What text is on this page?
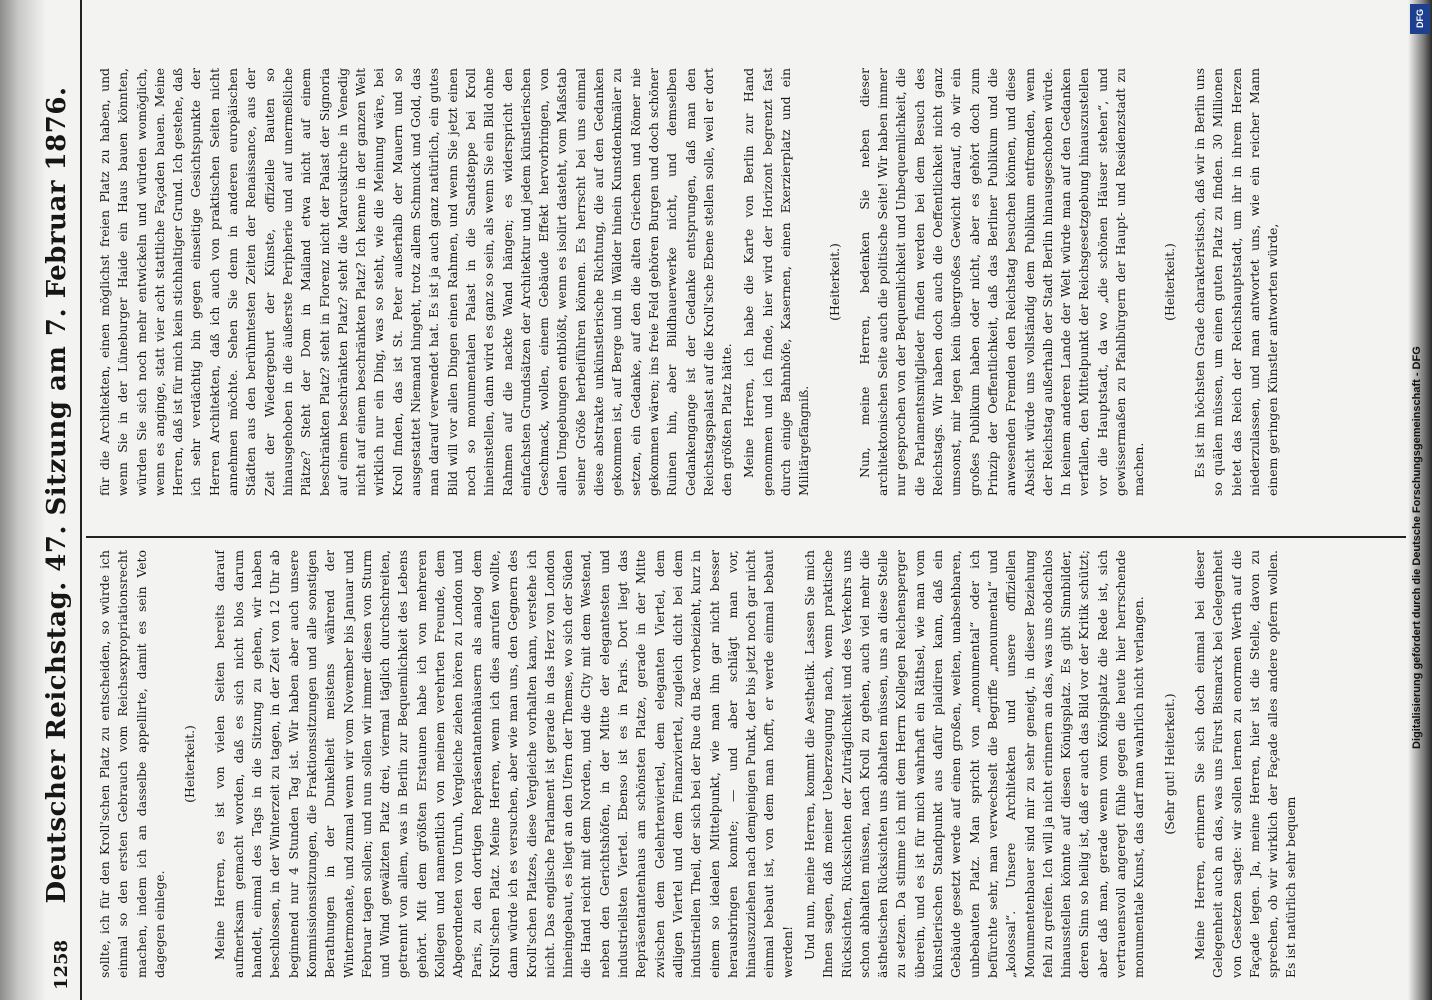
1258
Deutscher Reichstag. 47. Sitzung am 7. Februar 1876. sollte, ich für den Kroll'schen Platz zu entscheiden, so würde ich einmal so den ersten Gebrauch vom Reichsexpropriationsrecht machen, indem ich an dasselbe appellirte, damit es sein Veto dagegen einlege.

(Heiterkeit.) Meine Herren, es ist von vielen Seiten bereits darauf aufmerksam gemacht worden, daß es sich nicht blos darum handelt, einmal des Tags in die Sitzung zu gehen, wir haben beschlossen, in der Winterzeit zu tagen, in der Zeit von 12 Uhr ab beginnend nur 4 Stunden Tag ist. Wir haben aber auch unsere Kommissionssitzungen, die Fraktionssitzungen und alle sonstigen Berathungen in der Dunkelheit meistens während der Wintermonate, und zumal wenn wir vom November bis Januar und Februar tagen sollen; und nun sollen wir immer diesen von Sturm und Wind gewälzten Platz drei, viermal täglich durchschreiten, getrennt von allem, was in Berlin zur Bequemlichkeit des Lebens gehört. Mit dem größten Erstaunen habe ich von mehreren Kollegen und namentlich von meinem verehrten Freunde, dem Abgeordneten von Unruh, Vergleiche ziehen hören zu London und Paris, zu den dortigen Repräsentantenhäusern als analog dem Kroll'schen Platz. Meine Herren, wenn ich dies anrufen wollte, dann würde ich es versuchen, aber wie man uns, den Gegnern des Kroll'schen Platzes, diese Vergleiche vorhalten kann, verstehe ich nicht. Das englische Parlament ist gerade in das Herz von London hineingebaut, es liegt an den Ufern der Themse, wo sich der Süden die Hand reicht mit dem Norden, und die City mit dem Westend, neben den Gerichtshöfen, in der Mitte der elegantesten und industriellsten Viertel. Ebenso ist es in Paris. Dort liegt das Repräsentantenhaus am schönsten Platze, gerade in der Mitte zwischen dem Gelehrtenviertel, dem eleganten Viertel, dem adligen Viertel und dem Finanzviertel, zugleich dicht bei dem industriellen Theil, der sich bei der Rue du Bac vorbeizieht, kurz in einem so idealen Mittelpunkt, wie man ihn gar nicht besser herausbringen konnte; — und aber schlägt man vor, hinauszuziehen nach demjenigen Punkt, der bis jetzt noch gar nicht einmal bebaut ist, von dem man hofft, er werde einmal bebaut werden! Und nun, meine Herren, kommt die Aesthetik. Lassen Sie mich Ihnen sagen, daß meiner Ueberzeugung nach, wenn praktische Rücksichten, Rücksichten der Zuträglichkeit und des Verkehrs uns schon abhalten müssen, nach Kroll zu gehen, auch viel mehr die ästhetischen Rücksichten uns abhalten müssen, uns an diese Stelle zu setzen. Da stimme ich mit dem Herrn Kollegen Reichensperger überein, und es ist für mich wahrhaft ein Räthsel, wie man vom künstlerischen Standpunkt aus dafür plaidiren kann, daß ein Gebäude gesetzt werde auf einen großen, weiten, unabsehbaren, unbebauten Platz. Man spricht von „monumental“ oder ich befürchte sehr, man verwechselt die Begriffe „monumental“ und „kolossal“. Unsere Architekten und unsere offiziellen Monumentenbauer sind mir zu sehr geneigt, in dieser Beziehung fehl zu greifen. Ich will ja nicht erinnern an das, was uns obdachlos hinausstellen könnte auf diesen Königsplatz. Es gibt Sinnbilder, deren Sinn so heilig ist, daß er auch das Bild vor der Kritik schützt; aber daß man, gerade wenn vom Königsplatz die Rede ist, sich vertrauensvoll angeregt fühle gegen die heute hier herrschende monumentale Kunst, das darf man wahrlich nicht verlangen. (Sehr gut! Heiterkeit.) Meine Herren, erinnern Sie sich doch einmal bei dieser Gelegenheit auch an das, was uns Fürst Bismarck bei Gelegenheit von Gesetzen sagte: wir sollen lernen zu enormen Werth auf die Façade legen. Ja, meine Herren, hier ist die Stelle, davon zu sprechen, ob wir wirklich der Façade alles andere opfern wollen. Es ist natürlich sehr bequem

für die Architekten, einen möglichst freien Platz zu haben, und wenn Sie in der Lüneburger Haide ein Haus bauen könnten, würden Sie sich noch mehr entwickeln und würden womöglich, wenn es anginge, statt vier acht stattliche Façaden bauen. Meine Herren, daß ist für mich kein stichhaltiger Grund. Ich gestehe, daß ich sehr verdächtig bin gegen einseitige Gesichtspunkte der Herren Architekten, daß ich auch von praktischen Seiten nicht annehmen möchte. Sehen Sie denn in anderen europäischen Städten aus den berühmtesten Zeiten der Renaissance, aus der Zeit der Wiedergeburt der Künste, offizielle Bauten so hinausgehoben in die äußerste Peripherie und auf unermeßliche Plätze? Steht der Dom in Mailand etwa nicht auf einem beschränkten Platz? steht in Florenz nicht der Palast der Signoria auf einem beschränkten Platz? steht die Marcuskirche in Venedig nicht auf einem beschränkten Platz? Ich kenne in der ganzen Welt wirklich nur ein Ding, was so steht, wie die Meinung wäre, bei Kroll finden, das ist St. Peter außerhalb der Mauern und so ausgestattet Niemand hingeht, trotz allem Schmuck und Gold, das man darauf verwendet hat. Es ist ja auch ganz natürlich, ein gutes Bild will vor allen Dingen einen Rahmen, und wenn Sie jetzt einen noch so monumentalen Palast in die Sandsteppe bei Kroll hineinstellen, dann wird es ganz so sein, als wenn Sie ein Bild ohne Rahmen auf die nackte Wand hängen; es widerspricht den einfachsten Grundsätzen der Architektur und jedem künstlerischen Geschmack, wollen, einem Gebäude Effekt hervorbringen, von allen Umgebungen entblößt, wenn es isolirt dasteht, vom Maßstab seiner Größe herbeiführen können. Es herrscht bei uns einmal diese abstrakte unkünstlerische Richtung, die auf den Gedanken gekommen ist, auf Berge und in Wälder hinein Kunstdenkmäler zu setzen, ein Gedanke, auf den die alten Griechen und Römer nie gekommen wären; ins freie Feld gehören Burgen und doch schöner Ruinen hin, aber Bildhauerwerke nicht, und demselben Gedankengange ist der Gedanke entsprungen, daß man den Reichstagspalast auf die Kroll'sche Ebene stellen solle, weil er dort den größten Platz hätte. Meine Herren, ich habe die Karte von Berlin zur Hand genommen und ich finde, hier wird der Horizont begrenzt fast durch einige Bahnhöfe, Kasernen, einen Exerzierplatz und ein Militärgefängniß.

(Heiterkeit.) Nun, meine Herren, bedenken Sie neben dieser architektonischen Seite auch die politische Seite! Wir haben immer nur gesprochen von der Bequemlichkeit und Unbequemlichkeit, die die Parlamentsmitglieder finden werden bei dem Besuch des Reichstags. Wir haben doch auch die Oeffentlichkeit nicht ganz umsonst, mir legen kein übergroßes Gewicht darauf, ob wir ein großes Publikum haben oder nicht, aber es gehört doch zum Prinzip der Oeffentlichkeit, daß das Berliner Publikum und die anwesenden Fremden den Reichstag besuchen können, und diese Absicht würde uns vollständig dem Publikum entfremden, wenn der Reichstag außerhalb der Stadt Berlin hinausgeschoben würde. In keinem anderen Lande der Welt würde man auf den Gedanken verfallen, den Mittelpunkt der Reichsgesetzgebung hinauszustellen vor die Hauptstadt, da wo „die schönen Häuser stehen“, und gewissermaßen zu Pfahlbürgern der Haupt- und Residenzstadt zu machen.

(Heiterkeit.) Es ist im höchsten Grade charakteristisch, daß wir in Berlin uns so quälen müssen, um einen guten Platz zu finden. 30 Millionen bietet das Reich der Reichshauptstadt, um ihr in ihrem Herzen niederzulassen, und man antwortet uns, wie ein reicher Mann einem geringen Künstler antworten würde,

DFG
Digitalisierung gefördert durch die Deutsche Forschungsgemeinschaft - DFG
